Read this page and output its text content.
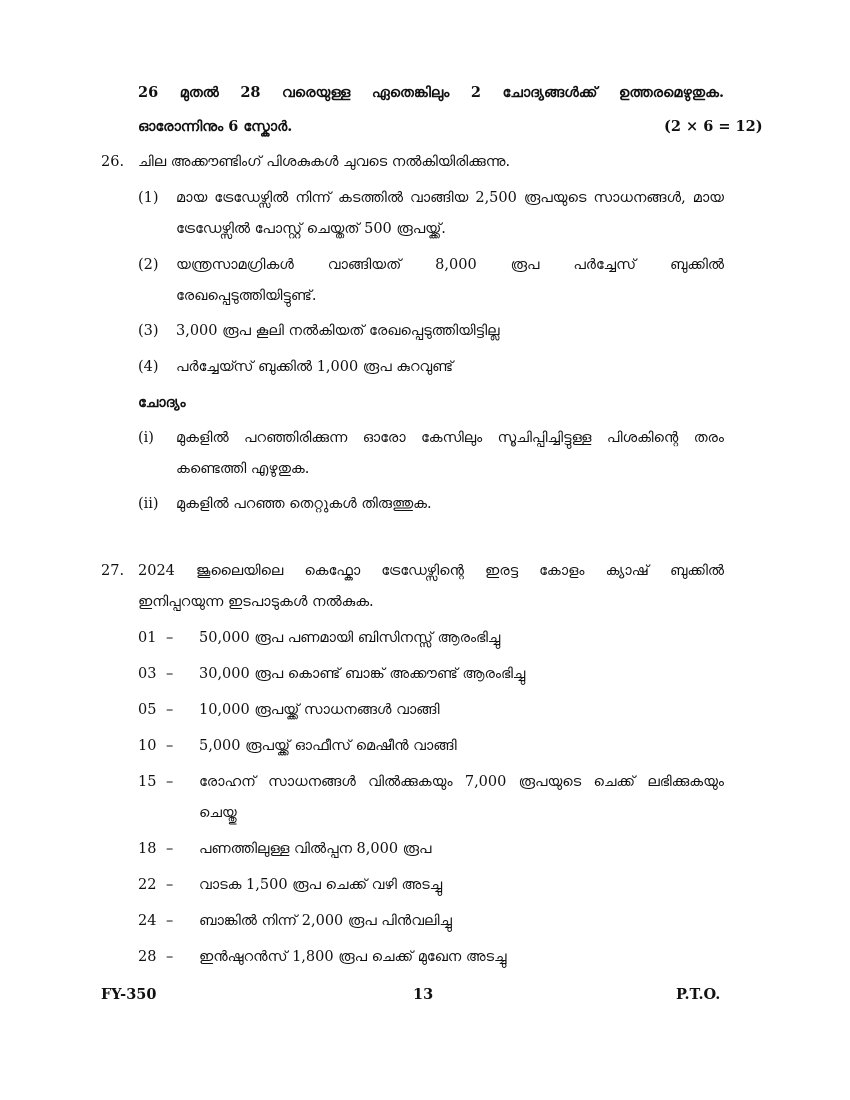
26 മുതൽ 28 വരെയുള്ള ഏതെങ്കിലും 2 ചോദ്യങ്ങൾക്ക് ഉത്തരമെഴുതുക.
ഓരോന്നിനും 6 സ്കോർ.	(2 × 6 = 12)
26. ചില അക്കൗണ്ടിംഗ് പിശകുകൾ ചുവടെ നൽകിയിരിക്കുന്നു.
(1) മായ ട്രേഡേഴ്സിൽ നിന്ന് കടത്തിൽ വാങ്ങിയ 2,500 രൂപയുടെ സാധനങ്ങൾ, മായ
ട്രേഡേഴ്സിൽ പോസ്റ്റ് ചെയ്തത് 500 രൂപയ്ക്ക്.
(2) യന്ത്രസാമഗ്രികൾ വാങ്ങിയത് 8,000 രൂപ പർച്ചേസ് ബുക്കിൽ
രേഖപ്പെടുത്തിയിട്ടുണ്ട്.
(3) 3,000 രൂപ കൂലി നൽകിയത് രേഖപ്പെടുത്തിയിട്ടില്ല
(4) പർച്ചേയ്സ് ബുക്കിൽ 1,000 രൂപ കുറവുണ്ട്
ചോദ്യം
(i) മുകളിൽ പറഞ്ഞിരിക്കുന്ന ഓരോ കേസിലും സൂചിപ്പിച്ചിട്ടുള്ള പിശകിന്റെ തരം
കണ്ടെത്തി എഴുതുക.
(ii) മുകളിൽ പറഞ്ഞ തെറ്റുകൾ തിരുത്തുക.
27. 2024 ജൂലൈയിലെ കെഫ്കോ ട്രേഡേഴ്സിന്റെ ഇരട്ട കോളം ക്യാഷ് ബുക്കിൽ
ഇനിപ്പറയുന്ന ഇടപാടുകൾ നൽകുക.
01 – 50,000 രൂപ പണമായി ബിസിനസ്സ് ആരംഭിച്ചു
03 – 30,000 രൂപ കൊണ്ട് ബാങ്ക് അക്കൗണ്ട് ആരംഭിച്ചു
05 – 10,000 രൂപയ്ക്ക് സാധനങ്ങൾ വാങ്ങി
10 – 5,000 രൂപയ്ക്ക് ഓഫീസ് മെഷീൻ വാങ്ങി
15 – രോഹന് സാധനങ്ങൾ വിൽക്കുകയും 7,000 രൂപയുടെ ചെക്ക് ലഭിക്കുകയും
ചെയ്തു
18 – പണത്തിലുള്ള വിൽപ്പന 8,000 രൂപ
22 – വാടക 1,500 രൂപ ചെക്ക് വഴി അടച്ചു
24 – ബാങ്കിൽ നിന്ന് 2,000 രൂപ പിൻവലിച്ചു
28 – ഇൻഷുറൻസ് 1,800 രൂപ ചെക്ക് മുഖേന അടച്ചു
FY-350	13	P.T.O.
